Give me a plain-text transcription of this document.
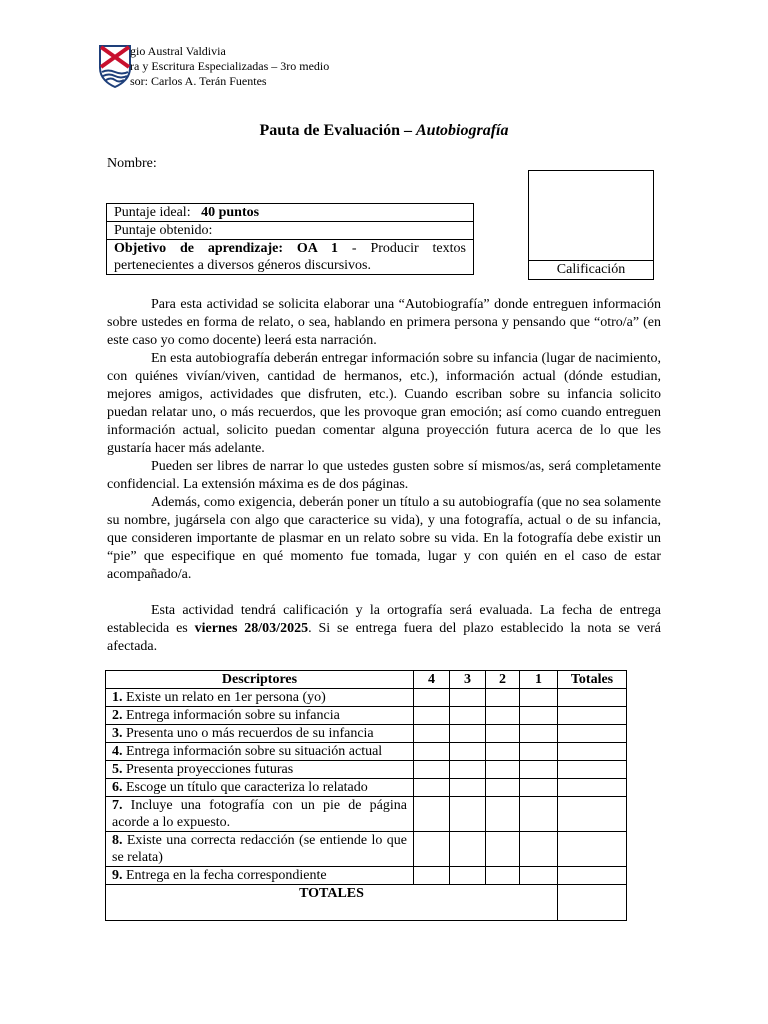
gio Austral Valdivia
ra y Escritura Especializadas – 3ro medio
sor: Carlos A. Terán Fuentes
Pauta de Evaluación – Autobiografía
Nombre:
Puntaje ideal: 40 puntos
Puntaje obtenido:
Objetivo de aprendizaje: OA 1 - Producir textos pertenecientes a diversos géneros discursivos.	Calificación

Para esta actividad se solicita elaborar una “Autobiografía” donde entreguen información sobre ustedes en forma de relato, o sea, hablando en primera persona y pensando que “otro/a” (en este caso yo como docente) leerá esta narración.

En esta autobiografía deberán entregar información sobre su infancia (lugar de nacimiento, con quiénes vivían/viven, cantidad de hermanos, etc.), información actual (dónde estudian, mejores amigos, actividades que disfruten, etc.). Cuando escriban sobre su infancia solicito puedan relatar uno, o más recuerdos, que les provoque gran emoción; así como cuando entreguen información actual, solicito puedan comentar alguna proyección futura acerca de lo que les gustaría hacer más adelante.

Pueden ser libres de narrar lo que ustedes gusten sobre sí mismos/as, será completamente confidencial. La extensión máxima es de dos páginas.

Además, como exigencia, deberán poner un título a su autobiografía (que no sea solamente su nombre, jugársela con algo que caracterice su vida), y una fotografía, actual o de su infancia, que consideren importante de plasmar en un relato sobre su vida. En la fotografía debe existir un “pie” que especifique en qué momento fue tomada, lugar y con quién en el caso de estar acompañado/a.

Esta actividad tendrá calificación y la ortografía será evaluada. La fecha de entrega establecida es viernes 28/03/2025. Si se entrega fuera del plazo establecido la nota se verá afectada.

Descriptores	4	3	2	1	Totales
1. Existe un relato en 1er persona (yo)					
2. Entrega información sobre su infancia					
3. Presenta uno o más recuerdos de su infancia					
4. Entrega información sobre su situación actual					
5. Presenta proyecciones futuras					
6. Escoge un título que caracteriza lo relatado					
7. Incluye una fotografía con un pie de página acorde a lo expuesto.					
8. Existe una correcta redacción (se entiende lo que se relata)					
9. Entrega en la fecha correspondiente					
TOTALES					
